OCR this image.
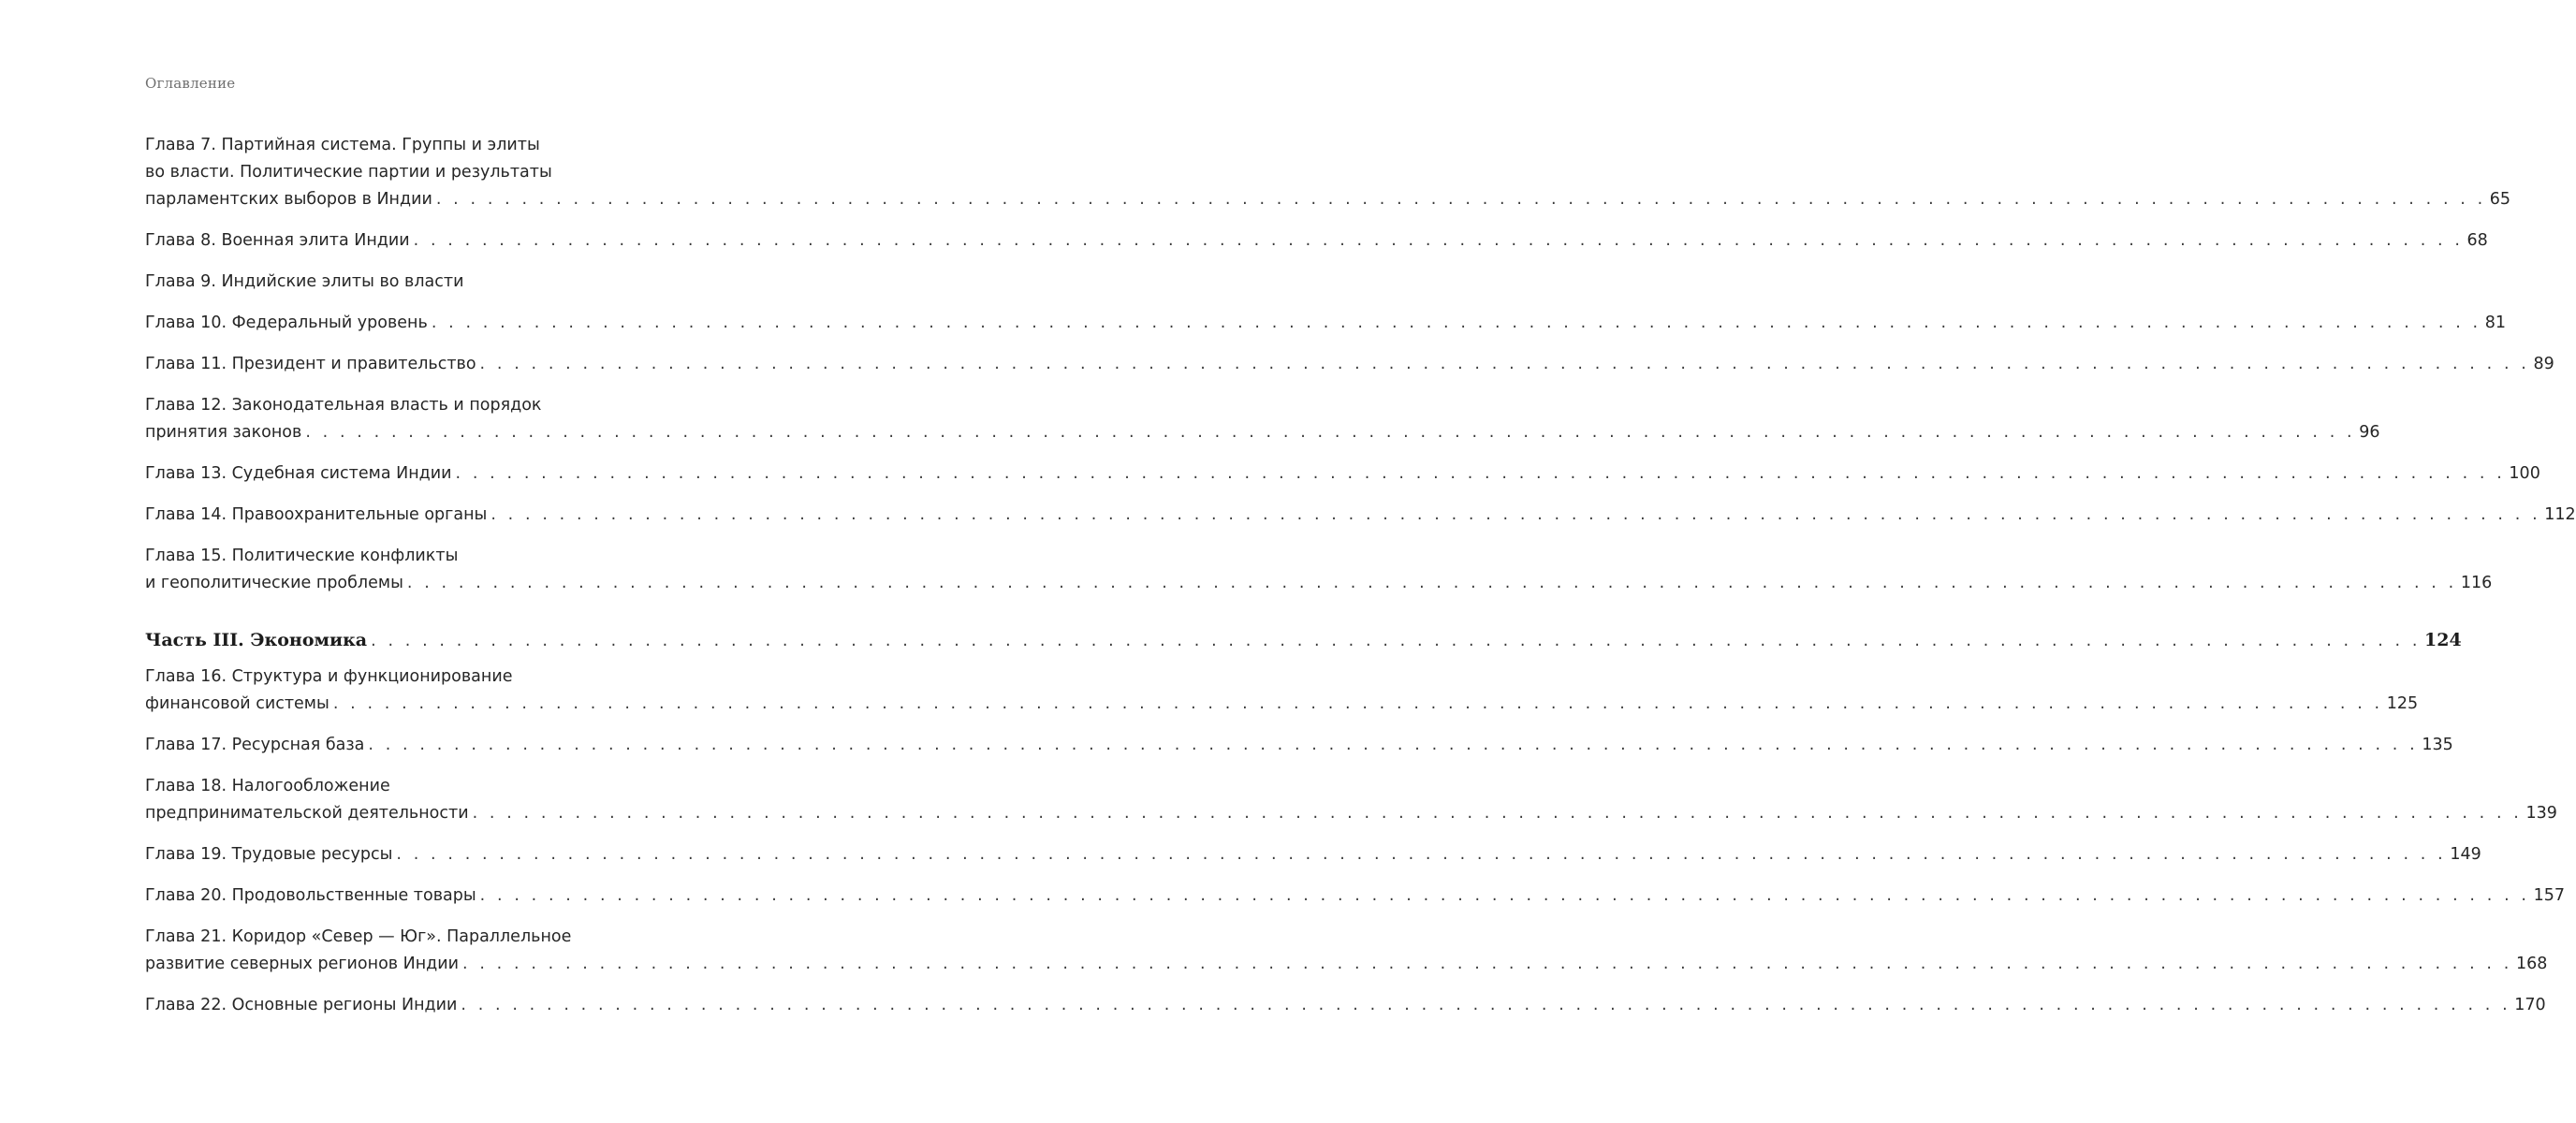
Оглавление
Глава 7. Партийная система. Группы и элиты
во власти. Политические партии и результаты
парламентских выборов в Индии . . . . . . . . . . . . . . . . . . . . . . . . . . . . . . . . . . . . . . . . . . . . . . . . . . . . . . . . . . . . . . . . . . . . . . . . . . . . . . . . . . . . . . . . . . . . . . . . . . . . . . . . . . . . . . . . . . . . . . . . 65
Глава 8. Военная элита Индии . . . . . . . . . . . . . . . . . . . . . . . . . . . . . . . . . . . . . . . . . . . . . . . . . . . . . . . . . . . . . . . . . . . . . . . . . . . . . . . . . . . . . . . . . . . . . . . . . . . . . . . . . . . . . . . . . . . . . . . . 68
Глава 9. Индийские элиты во власти
Глава 10. Федеральный уровень . . . . . . . . . . . . . . . . . . . . . . . . . . . . . . . . . . . . . . . . . . . . . . . . . . . . . . . . . . . . . . . . . . . . . . . . . . . . . . . . . . . . . . . . . . . . . . . . . . . . . . . . . . . . . . . . . . . . . . . . 81
Глава 11. Президент и правительство . . . . . . . . . . . . . . . . . . . . . . . . . . . . . . . . . . . . . . . . . . . . . . . . . . . . . . . . . . . . . . . . . . . . . . . . . . . . . . . . . . . . . . . . . . . . . . . . . . . . . . . . . . . . . . . . . . . . . . . . 89
Глава 12. Законодательная власть и порядок
принятия законов . . . . . . . . . . . . . . . . . . . . . . . . . . . . . . . . . . . . . . . . . . . . . . . . . . . . . . . . . . . . . . . . . . . . . . . . . . . . . . . . . . . . . . . . . . . . . . . . . . . . . . . . . . . . . . . . . . . . . . . . 96
Глава 13. Судебная система Индии . . . . . . . . . . . . . . . . . . . . . . . . . . . . . . . . . . . . . . . . . . . . . . . . . . . . . . . . . . . . . . . . . . . . . . . . . . . . . . . . . . . . . . . . . . . . . . . . . . . . . . . . . . . . . . . . . . . . . . . . 100
Глава 14. Правоохранительные органы . . . . . . . . . . . . . . . . . . . . . . . . . . . . . . . . . . . . . . . . . . . . . . . . . . . . . . . . . . . . . . . . . . . . . . . . . . . . . . . . . . . . . . . . . . . . . . . . . . . . . . . . . . . . . . . . . . . . . . . . 112
Глава 15. Политические конфликты
и геополитические проблемы . . . . . . . . . . . . . . . . . . . . . . . . . . . . . . . . . . . . . . . . . . . . . . . . . . . . . . . . . . . . . . . . . . . . . . . . . . . . . . . . . . . . . . . . . . . . . . . . . . . . . . . . . . . . . . . . . . . . . . . . 116
Часть III. Экономика . . . . . . . . . . . . . . . . . . . . . . . . . . . . . . . . . . . . . . . . . . . . . . . . . . . . . . . . . . . . . . . . . . . . . . . . . . . . . . . . . . . . . . . . . . . . . . . . . . . . . . . . . . . . . . . . . . . . . . . . 124
Глава 16. Структура и функционирование
финансовой системы . . . . . . . . . . . . . . . . . . . . . . . . . . . . . . . . . . . . . . . . . . . . . . . . . . . . . . . . . . . . . . . . . . . . . . . . . . . . . . . . . . . . . . . . . . . . . . . . . . . . . . . . . . . . . . . . . . . . . . . . 125
Глава 17. Ресурсная база . . . . . . . . . . . . . . . . . . . . . . . . . . . . . . . . . . . . . . . . . . . . . . . . . . . . . . . . . . . . . . . . . . . . . . . . . . . . . . . . . . . . . . . . . . . . . . . . . . . . . . . . . . . . . . . . . . . . . . . . 135
Глава 18. Налогообложение
предпринимательской деятельности . . . . . . . . . . . . . . . . . . . . . . . . . . . . . . . . . . . . . . . . . . . . . . . . . . . . . . . . . . . . . . . . . . . . . . . . . . . . . . . . . . . . . . . . . . . . . . . . . . . . . . . . . . . . . . . . . . . . . . . . 139
Глава 19. Трудовые ресурсы . . . . . . . . . . . . . . . . . . . . . . . . . . . . . . . . . . . . . . . . . . . . . . . . . . . . . . . . . . . . . . . . . . . . . . . . . . . . . . . . . . . . . . . . . . . . . . . . . . . . . . . . . . . . . . . . . . . . . . . . 149
Глава 20. Продовольственные товары . . . . . . . . . . . . . . . . . . . . . . . . . . . . . . . . . . . . . . . . . . . . . . . . . . . . . . . . . . . . . . . . . . . . . . . . . . . . . . . . . . . . . . . . . . . . . . . . . . . . . . . . . . . . . . . . . . . . . . . . 157
Глава 21. Коридор «Север — Юг». Параллельное
развитие северных регионов Индии . . . . . . . . . . . . . . . . . . . . . . . . . . . . . . . . . . . . . . . . . . . . . . . . . . . . . . . . . . . . . . . . . . . . . . . . . . . . . . . . . . . . . . . . . . . . . . . . . . . . . . . . . . . . . . . . . . . . . . . . 168
Глава 22. Основные регионы Индии . . . . . . . . . . . . . . . . . . . . . . . . . . . . . . . . . . . . . . . . . . . . . . . . . . . . . . . . . . . . . . . . . . . . . . . . . . . . . . . . . . . . . . . . . . . . . . . . . . . . . . . . . . . . . . . . . . . . . . . . 170
